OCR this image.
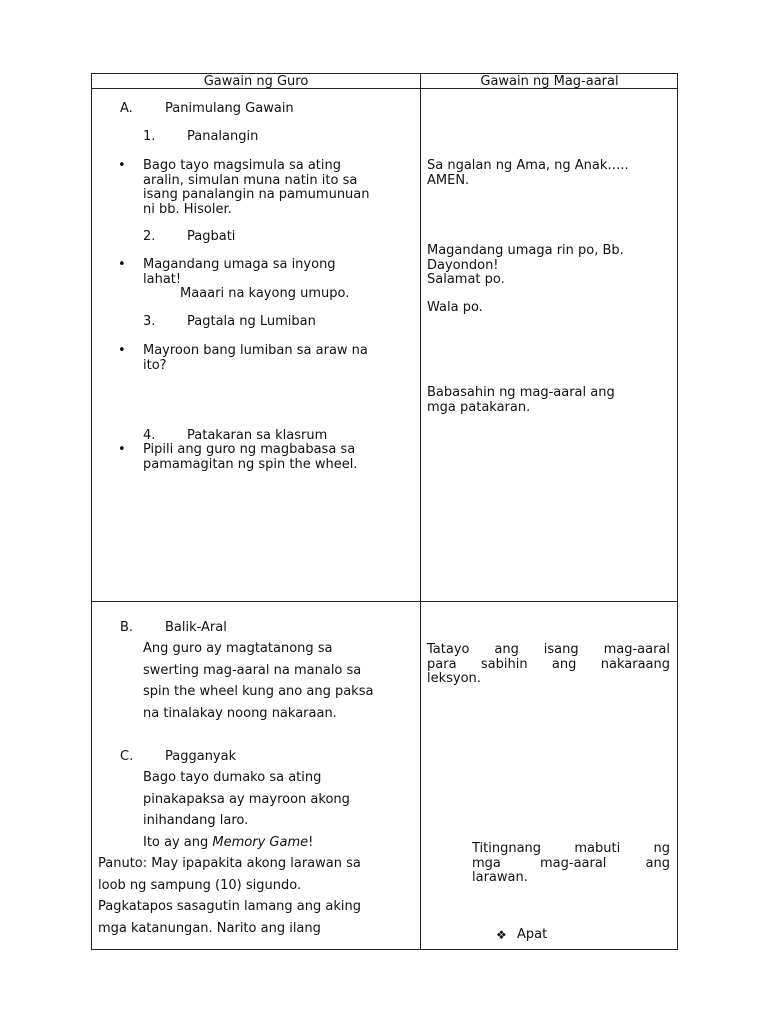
Gawain ng Guro	Gawain ng Mag-aaral
A. Panimulang Gawain
1. Panalangin
• Bago tayo magsimula sa ating
aralin, simulan muna natin ito sa
isang panalangin na pamumunuan
ni bb. Hisoler.
2. Pagbati
• Magandang umaga sa inyong
lahat!
Maaari na kayong umupo.
3. Pagtala ng Lumiban
• Mayroon bang lumiban sa araw na
ito?
4. Patakaran sa klasrum
• Pipili ang guro ng magbabasa sa
pamamagitan ng spin the wheel.
Sa ngalan ng Ama, ng Anak…..
AMEN.
Magandang umaga rin po, Bb.
Dayondon!
Salamat po.
Wala po.
Babasahin ng mag-aaral ang
mga patakaran.
B. Balik-Aral
Ang guro ay magtatanong sa
swerting mag-aaral na manalo sa
spin the wheel kung ano ang paksa
na tinalakay noong nakaraan.
C. Pagganyak
Bago tayo dumako sa ating
pinakapaksa ay mayroon akong
inihandang laro.
Ito ay ang Memory Game!
Panuto: May ipapakita akong larawan sa
loob ng sampung (10) sigundo.
Pagkatapos sasagutin lamang ang aking
mga katanungan. Narito ang ilang
Tatayo ang isang mag-aaral
para sabihin ang nakaraang
leksyon.
Titingnang mabuti ng
mga mag-aaral ang
larawan.
❖ Apat
